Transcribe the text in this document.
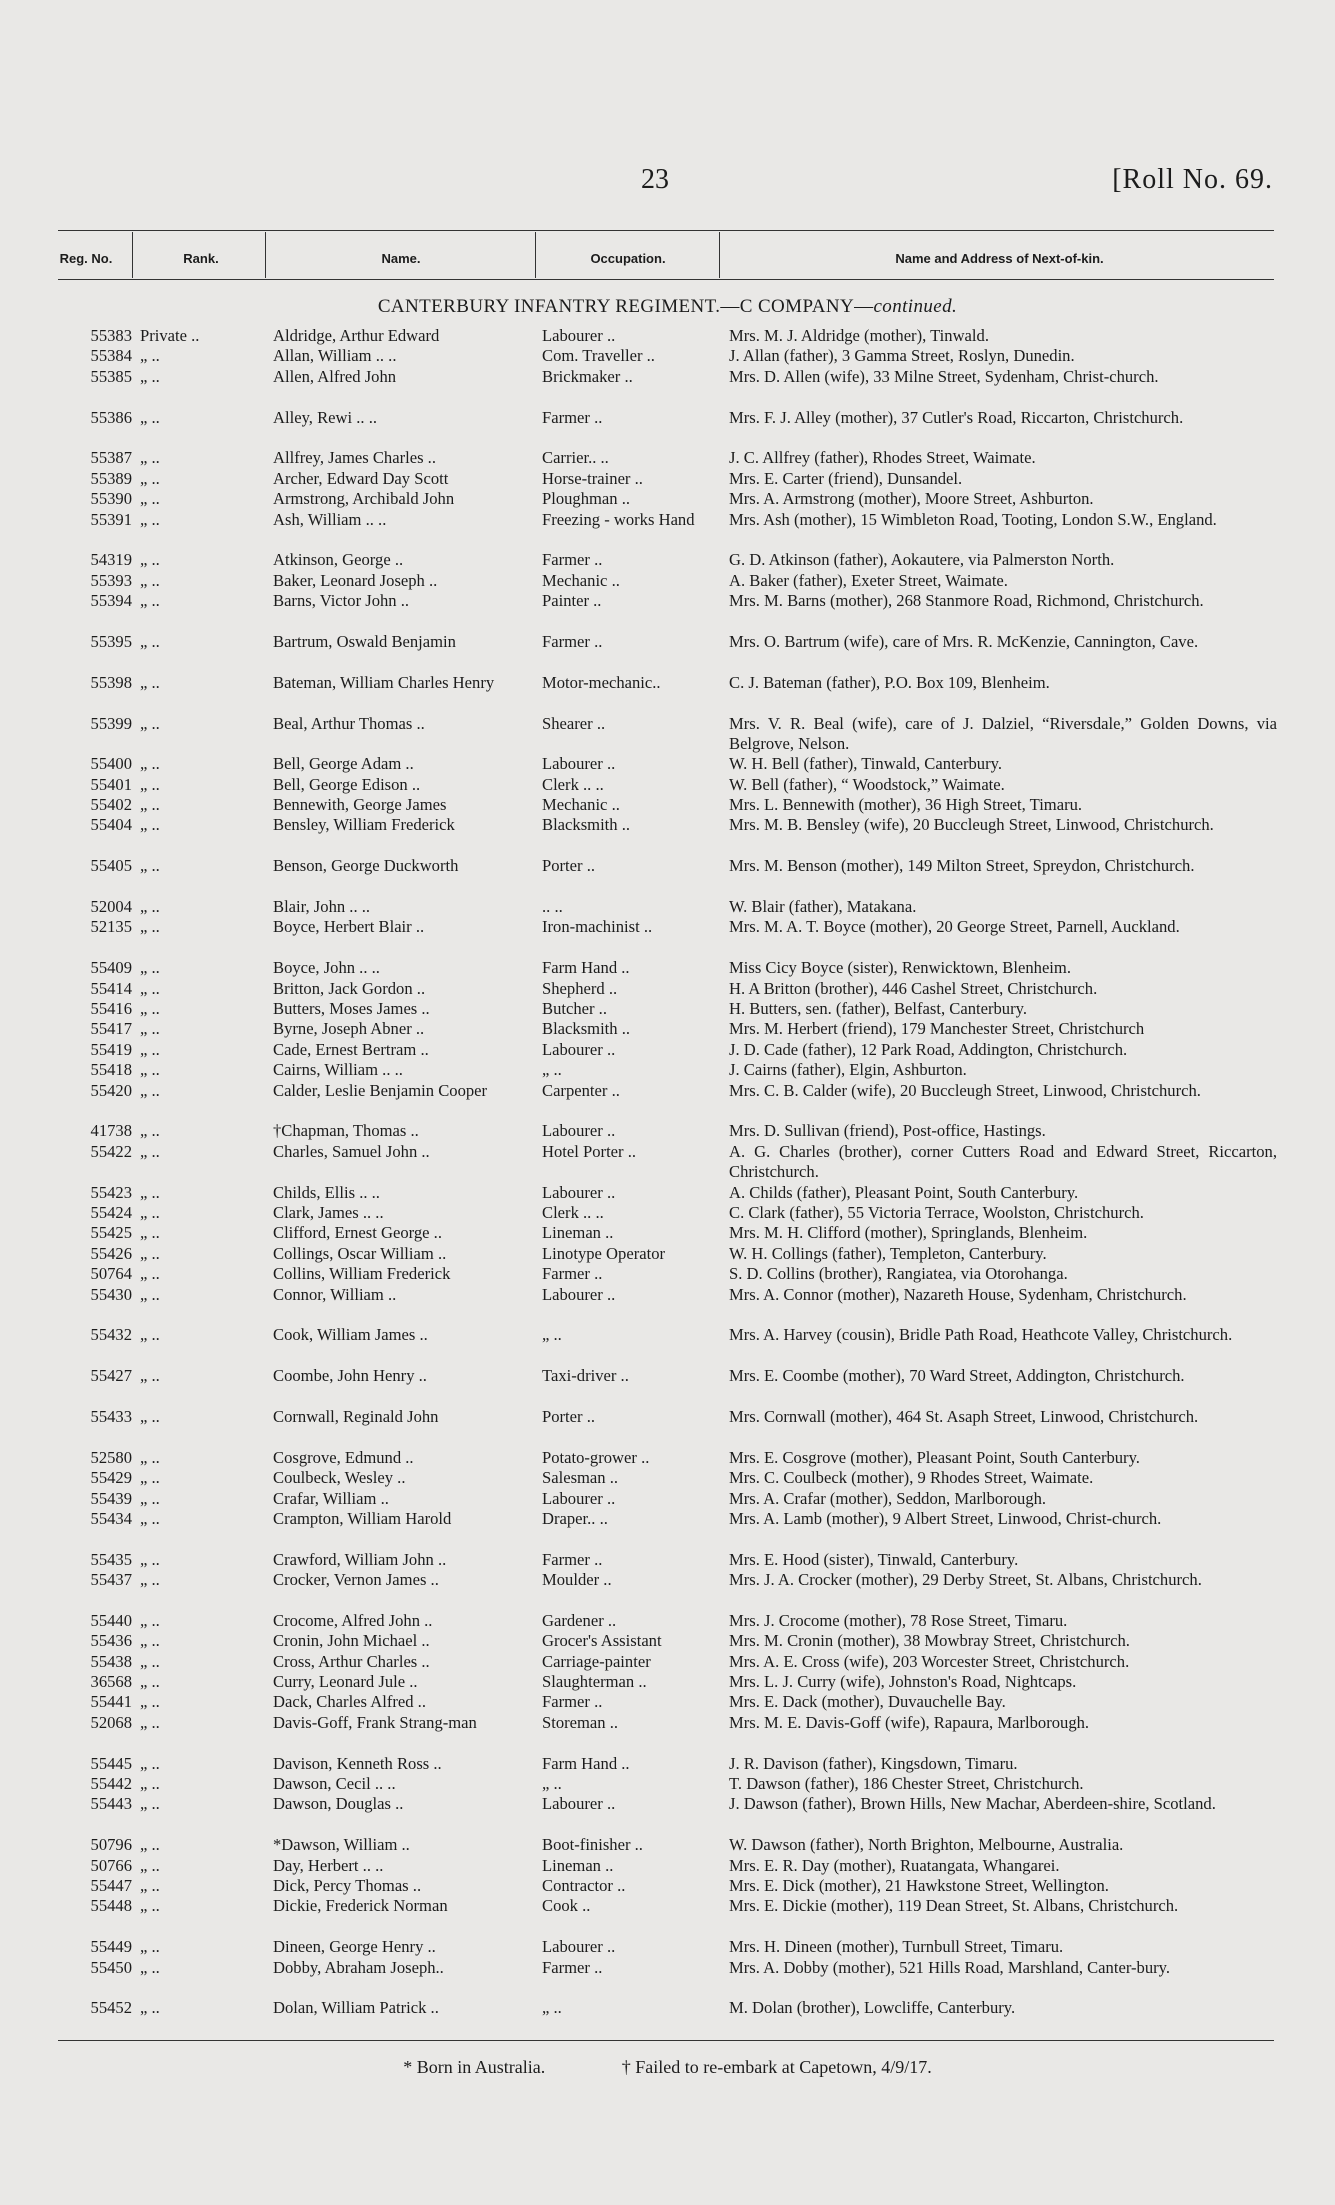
23	[Roll No. 69.
Reg. No.	Rank.	Name.	Occupation.	Name and Address of Next-of-kin.
CANTERBURY INFANTRY REGIMENT.—C COMPANY—continued.
55383 Private ..	Aldridge, Arthur Edward	Labourer ..	Mrs. M. J. Aldridge (mother), Tinwald.
55384 „ ..	Allan, William .. ..	Com. Traveller ..	J. Allan (father), 3 Gamma Street, Roslyn, Dunedin.
55385 „ ..	Allen, Alfred John	Brickmaker ..	Mrs. D. Allen (wife), 33 Milne Street, Sydenham, Christ-church.
55386 „ ..	Alley, Rewi .. ..	Farmer ..	Mrs. F. J. Alley (mother), 37 Cutler's Road, Riccarton, Christchurch.
55387 „ ..	Allfrey, James Charles ..	Carrier.. ..	J. C. Allfrey (father), Rhodes Street, Waimate.
55389 „ ..	Archer, Edward Day Scott	Horse-trainer ..	Mrs. E. Carter (friend), Dunsandel.
55390 „ ..	Armstrong, Archibald John	Ploughman ..	Mrs. A. Armstrong (mother), Moore Street, Ashburton.
55391 „ ..	Ash, William .. ..	Freezing - works Hand	Mrs. Ash (mother), 15 Wimbleton Road, Tooting, London S.W., England.
54319 „ ..	Atkinson, George ..	Farmer ..	G. D. Atkinson (father), Aokautere, via Palmerston North.
55393 „ ..	Baker, Leonard Joseph ..	Mechanic ..	A. Baker (father), Exeter Street, Waimate.
55394 „ ..	Barns, Victor John ..	Painter ..	Mrs. M. Barns (mother), 268 Stanmore Road, Richmond, Christchurch.
55395 „ ..	Bartrum, Oswald Benjamin	Farmer ..	Mrs. O. Bartrum (wife), care of Mrs. R. McKenzie, Cannington, Cave.
55398 „ ..	Bateman, William Charles Henry	Motor-mechanic..	C. J. Bateman (father), P.O. Box 109, Blenheim.
55399 „ ..	Beal, Arthur Thomas ..	Shearer ..	Mrs. V. R. Beal (wife), care of J. Dalziel, “Riversdale,” Golden Downs, via Belgrove, Nelson.
55400 „ ..	Bell, George Adam ..	Labourer ..	W. H. Bell (father), Tinwald, Canterbury.
55401 „ ..	Bell, George Edison ..	Clerk .. ..	W. Bell (father), “ Woodstock,” Waimate.
55402 „ ..	Bennewith, George James	Mechanic ..	Mrs. L. Bennewith (mother), 36 High Street, Timaru.
55404 „ ..	Bensley, William Frederick	Blacksmith ..	Mrs. M. B. Bensley (wife), 20 Buccleugh Street, Linwood, Christchurch.
55405 „ ..	Benson, George Duckworth	Porter ..	Mrs. M. Benson (mother), 149 Milton Street, Spreydon, Christchurch.
52004 „ ..	Blair, John .. ..	.. ..	W. Blair (father), Matakana.
52135 „ ..	Boyce, Herbert Blair ..	Iron-machinist ..	Mrs. M. A. T. Boyce (mother), 20 George Street, Parnell, Auckland.
55409 „ ..	Boyce, John .. ..	Farm Hand ..	Miss Cicy Boyce (sister), Renwicktown, Blenheim.
55414 „ ..	Britton, Jack Gordon ..	Shepherd ..	H. A Britton (brother), 446 Cashel Street, Christchurch.
55416 „ ..	Butters, Moses James ..	Butcher ..	H. Butters, sen. (father), Belfast, Canterbury.
55417 „ ..	Byrne, Joseph Abner ..	Blacksmith ..	Mrs. M. Herbert (friend), 179 Manchester Street, Christchurch
55419 „ ..	Cade, Ernest Bertram ..	Labourer ..	J. D. Cade (father), 12 Park Road, Addington, Christchurch.
55418 „ ..	Cairns, William .. ..	„ ..	J. Cairns (father), Elgin, Ashburton.
55420 „ ..	Calder, Leslie Benjamin Cooper	Carpenter ..	Mrs. C. B. Calder (wife), 20 Buccleugh Street, Linwood, Christchurch.
41738 „ ..	†Chapman, Thomas ..	Labourer ..	Mrs. D. Sullivan (friend), Post-office, Hastings.
55422 „ ..	Charles, Samuel John ..	Hotel Porter ..	A. G. Charles (brother), corner Cutters Road and Edward Street, Riccarton, Christchurch.
55423 „ ..	Childs, Ellis .. ..	Labourer ..	A. Childs (father), Pleasant Point, South Canterbury.
55424 „ ..	Clark, James .. ..	Clerk .. ..	C. Clark (father), 55 Victoria Terrace, Woolston, Christchurch.
55425 „ ..	Clifford, Ernest George ..	Lineman ..	Mrs. M. H. Clifford (mother), Springlands, Blenheim.
55426 „ ..	Collings, Oscar William ..	Linotype Operator	W. H. Collings (father), Templeton, Canterbury.
50764 „ ..	Collins, William Frederick	Farmer ..	S. D. Collins (brother), Rangiatea, via Otorohanga.
55430 „ ..	Connor, William ..	Labourer ..	Mrs. A. Connor (mother), Nazareth House, Sydenham, Christchurch.
55432 „ ..	Cook, William James ..	„ ..	Mrs. A. Harvey (cousin), Bridle Path Road, Heathcote Valley, Christchurch.
55427 „ ..	Coombe, John Henry ..	Taxi-driver ..	Mrs. E. Coombe (mother), 70 Ward Street, Addington, Christchurch.
55433 „ ..	Cornwall, Reginald John	Porter ..	Mrs. Cornwall (mother), 464 St. Asaph Street, Linwood, Christchurch.
52580 „ ..	Cosgrove, Edmund ..	Potato-grower ..	Mrs. E. Cosgrove (mother), Pleasant Point, South Canterbury.
55429 „ ..	Coulbeck, Wesley ..	Salesman ..	Mrs. C. Coulbeck (mother), 9 Rhodes Street, Waimate.
55439 „ ..	Crafar, William ..	Labourer ..	Mrs. A. Crafar (mother), Seddon, Marlborough.
55434 „ ..	Crampton, William Harold	Draper.. ..	Mrs. A. Lamb (mother), 9 Albert Street, Linwood, Christ-church.
55435 „ ..	Crawford, William John ..	Farmer ..	Mrs. E. Hood (sister), Tinwald, Canterbury.
55437 „ ..	Crocker, Vernon James ..	Moulder ..	Mrs. J. A. Crocker (mother), 29 Derby Street, St. Albans, Christchurch.
55440 „ ..	Crocome, Alfred John ..	Gardener ..	Mrs. J. Crocome (mother), 78 Rose Street, Timaru.
55436 „ ..	Cronin, John Michael ..	Grocer's Assistant	Mrs. M. Cronin (mother), 38 Mowbray Street, Christchurch.
55438 „ ..	Cross, Arthur Charles ..	Carriage-painter	Mrs. A. E. Cross (wife), 203 Worcester Street, Christchurch.
36568 „ ..	Curry, Leonard Jule ..	Slaughterman ..	Mrs. L. J. Curry (wife), Johnston's Road, Nightcaps.
55441 „ ..	Dack, Charles Alfred ..	Farmer ..	Mrs. E. Dack (mother), Duvauchelle Bay.
52068 „ ..	Davis-Goff, Frank Strang-man	Storeman ..	Mrs. M. E. Davis-Goff (wife), Rapaura, Marlborough.
55445 „ ..	Davison, Kenneth Ross ..	Farm Hand ..	J. R. Davison (father), Kingsdown, Timaru.
55442 „ ..	Dawson, Cecil .. ..	„ ..	T. Dawson (father), 186 Chester Street, Christchurch.
55443 „ ..	Dawson, Douglas ..	Labourer ..	J. Dawson (father), Brown Hills, New Machar, Aberdeen-shire, Scotland.
50796 „ ..	*Dawson, William ..	Boot-finisher ..	W. Dawson (father), North Brighton, Melbourne, Australia.
50766 „ ..	Day, Herbert .. ..	Lineman ..	Mrs. E. R. Day (mother), Ruatangata, Whangarei.
55447 „ ..	Dick, Percy Thomas ..	Contractor ..	Mrs. E. Dick (mother), 21 Hawkstone Street, Wellington.
55448 „ ..	Dickie, Frederick Norman	Cook ..	Mrs. E. Dickie (mother), 119 Dean Street, St. Albans, Christchurch.
55449 „ ..	Dineen, George Henry ..	Labourer ..	Mrs. H. Dineen (mother), Turnbull Street, Timaru.
55450 „ ..	Dobby, Abraham Joseph..	Farmer ..	Mrs. A. Dobby (mother), 521 Hills Road, Marshland, Canter-bury.
55452 „ ..	Dolan, William Patrick ..	„ ..	M. Dolan (brother), Lowcliffe, Canterbury.
* Born in Australia.	† Failed to re-embark at Capetown, 4/9/17.
